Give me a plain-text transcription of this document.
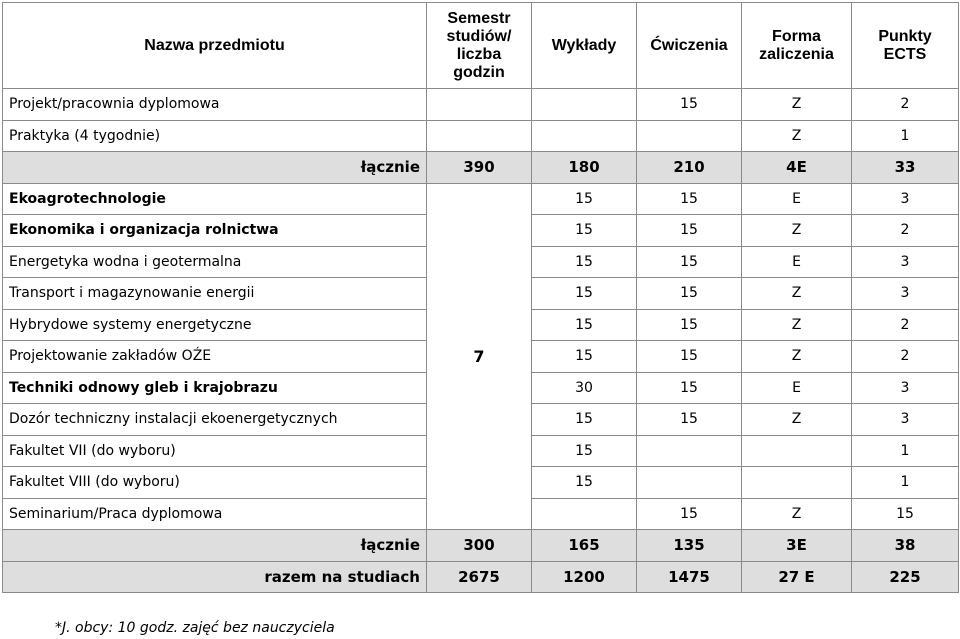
Nazwa przedmiotu	Semestr studiów/ liczba godzin	Wykłady	Ćwiczenia	Forma zaliczenia	Punkty ECTS
Projekt/pracownia dyplomowa			15	Z	2
Praktyka (4 tygodnie)				Z	1
łącznie	390	180	210	4E	33
Ekoagrotechnologie	7	15	15	E	3
Ekonomika i organizacja rolnictwa		15	15	Z	2
Energetyka wodna i geotermalna		15	15	E	3
Transport i magazynowanie energii		15	15	Z	3
Hybrydowe systemy energetyczne		15	15	Z	2
Projektowanie zakładów OŹE		15	15	Z	2
Techniki odnowy gleb i krajobrazu		30	15	E	3
Dozór techniczny instalacji ekoenergetycznych		15	15	Z	3
Fakultet VII (do wyboru)		15			1
Fakultet VIII (do wyboru)		15			1
Seminarium/Praca dyplomowa			15	Z	15
łącznie	300	165	135	3E	38
razem na studiach	2675	1200	1475	27 E	225
*J. obcy: 10 godz. zajęć bez nauczyciela
